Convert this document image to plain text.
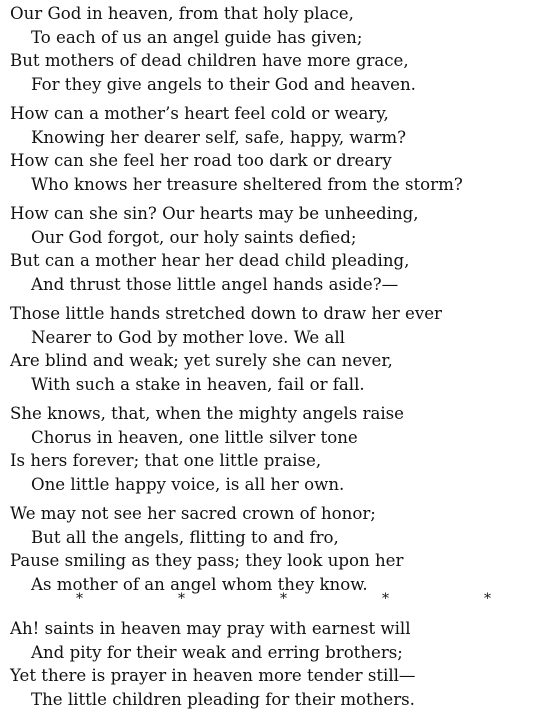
Our God in heaven, from that holy place,
To each of us an angel guide has given;
But mothers of dead children have more grace,
For they give angels to their God and heaven.
How can a mother’s heart feel cold or weary,
Knowing her dearer self, safe, happy, warm?
How can she feel her road too dark or dreary
Who knows her treasure sheltered from the storm?
How can she sin? Our hearts may be unheeding,
Our God forgot, our holy saints defied;
But can a mother hear her dead child pleading,
And thrust those little angel hands aside?—
Those little hands stretched down to draw her ever
Nearer to God by mother love. We all
Are blind and weak; yet surely she can never,
With such a stake in heaven, fail or fall.
She knows, that, when the mighty angels raise
Chorus in heaven, one little silver tone
Is hers forever; that one little praise,
One little happy voice, is all her own.
We may not see her sacred crown of honor;
But all the angels, flitting to and fro,
Pause smiling as they pass; they look upon her
As mother of an angel whom they know.
*	*	*	*	*
Ah! saints in heaven may pray with earnest will
And pity for their weak and erring brothers;
Yet there is prayer in heaven more tender still—
The little children pleading for their mothers.
